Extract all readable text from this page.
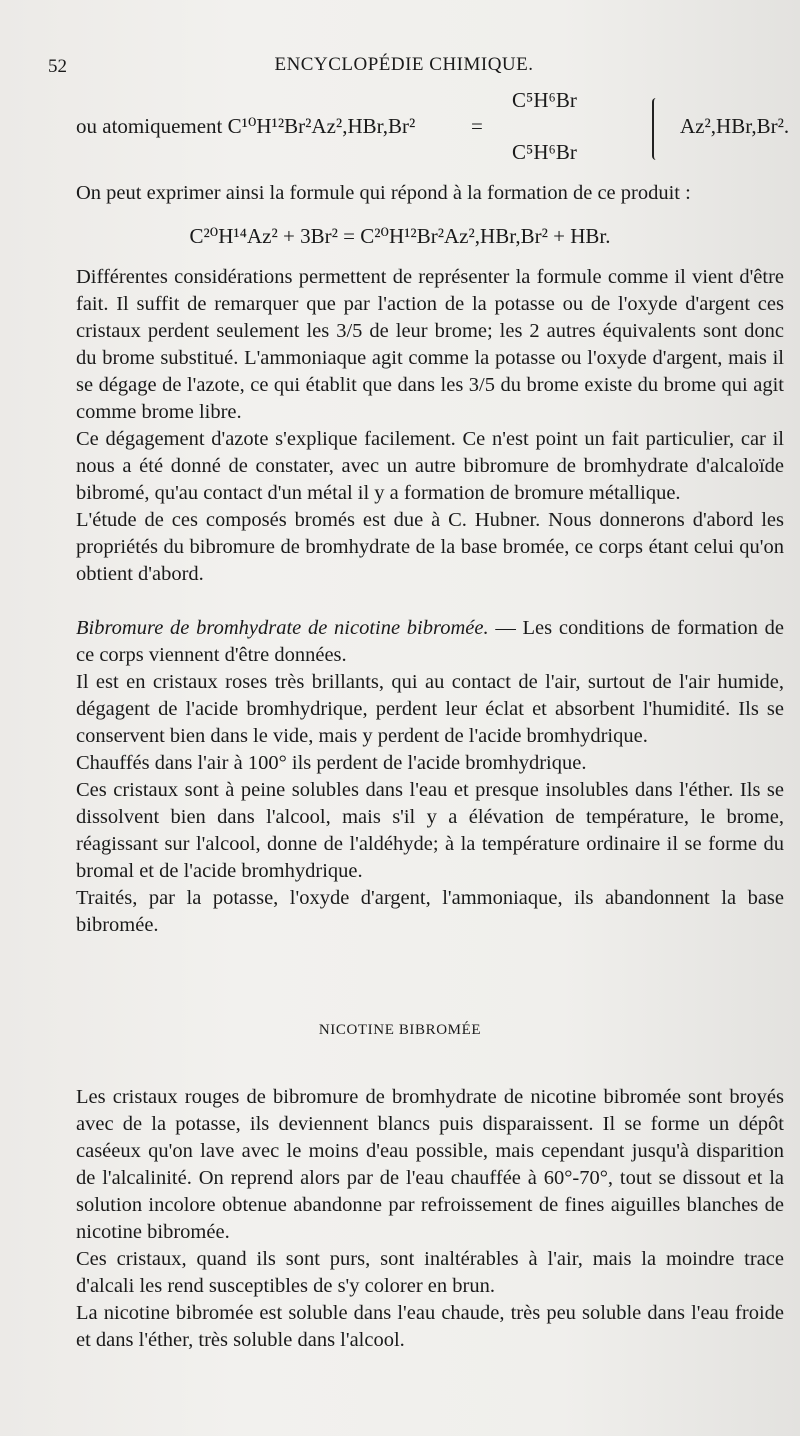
52	ENCYCLOPÉDIE CHIMIQUE.
ou atomiquement C¹⁰H¹²Br²Az²,HBr,Br²	=
C⁵H⁶Br
C⁵H⁶Br
Az²,HBr,Br².

On peut exprimer ainsi la formule qui répond à la formation de ce produit :

C²⁰H¹⁴Az² + 3Br² = C²⁰H¹²Br²Az²,HBr,Br² + HBr.

Différentes considérations permettent de représenter la formule comme il vient d'être fait. Il suffit de remarquer que par l'action de la potasse ou de l'oxyde d'argent ces cristaux perdent seulement les 3/5 de leur brome; les 2 autres équivalents sont donc du brome substitué. L'ammoniaque agit comme la potasse ou l'oxyde d'argent, mais il se dégage de l'azote, ce qui établit que dans les 3/5 du brome existe du brome qui agit comme brome libre.

Ce dégagement d'azote s'explique facilement. Ce n'est point un fait particulier, car il nous a été donné de constater, avec un autre bibromure de bromhydrate d'alcaloïde bibromé, qu'au contact d'un métal il y a formation de bromure métallique.

L'étude de ces composés bromés est due à C. Hubner. Nous donnerons d'abord les propriétés du bibromure de bromhydrate de la base bromée, ce corps étant celui qu'on obtient d'abord.

Bibromure de bromhydrate de nicotine bibromée. — Les conditions de formation de ce corps viennent d'être données.

Il est en cristaux roses très brillants, qui au contact de l'air, surtout de l'air humide, dégagent de l'acide bromhydrique, perdent leur éclat et absorbent l'humidité. Ils se conservent bien dans le vide, mais y perdent de l'acide bromhydrique.

Chauffés dans l'air à 100° ils perdent de l'acide bromhydrique.

Ces cristaux sont à peine solubles dans l'eau et presque insolubles dans l'éther. Ils se dissolvent bien dans l'alcool, mais s'il y a élévation de température, le brome, réagissant sur l'alcool, donne de l'aldéhyde; à la température ordinaire il se forme du bromal et de l'acide bromhydrique.

Traités, par la potasse, l'oxyde d'argent, l'ammoniaque, ils abandonnent la base bibromée.

NICOTINE BIBROMÉE

Les cristaux rouges de bibromure de bromhydrate de nicotine bibromée sont broyés avec de la potasse, ils deviennent blancs puis disparaissent. Il se forme un dépôt caséeux qu'on lave avec le moins d'eau possible, mais cependant jusqu'à disparition de l'alcalinité. On reprend alors par de l'eau chauffée à 60°-70°, tout se dissout et la solution incolore obtenue abandonne par refroissement de fines aiguilles blanches de nicotine bibromée.

Ces cristaux, quand ils sont purs, sont inaltérables à l'air, mais la moindre trace d'alcali les rend susceptibles de s'y colorer en brun.

La nicotine bibromée est soluble dans l'eau chaude, très peu soluble dans l'eau froide et dans l'éther, très soluble dans l'alcool.
